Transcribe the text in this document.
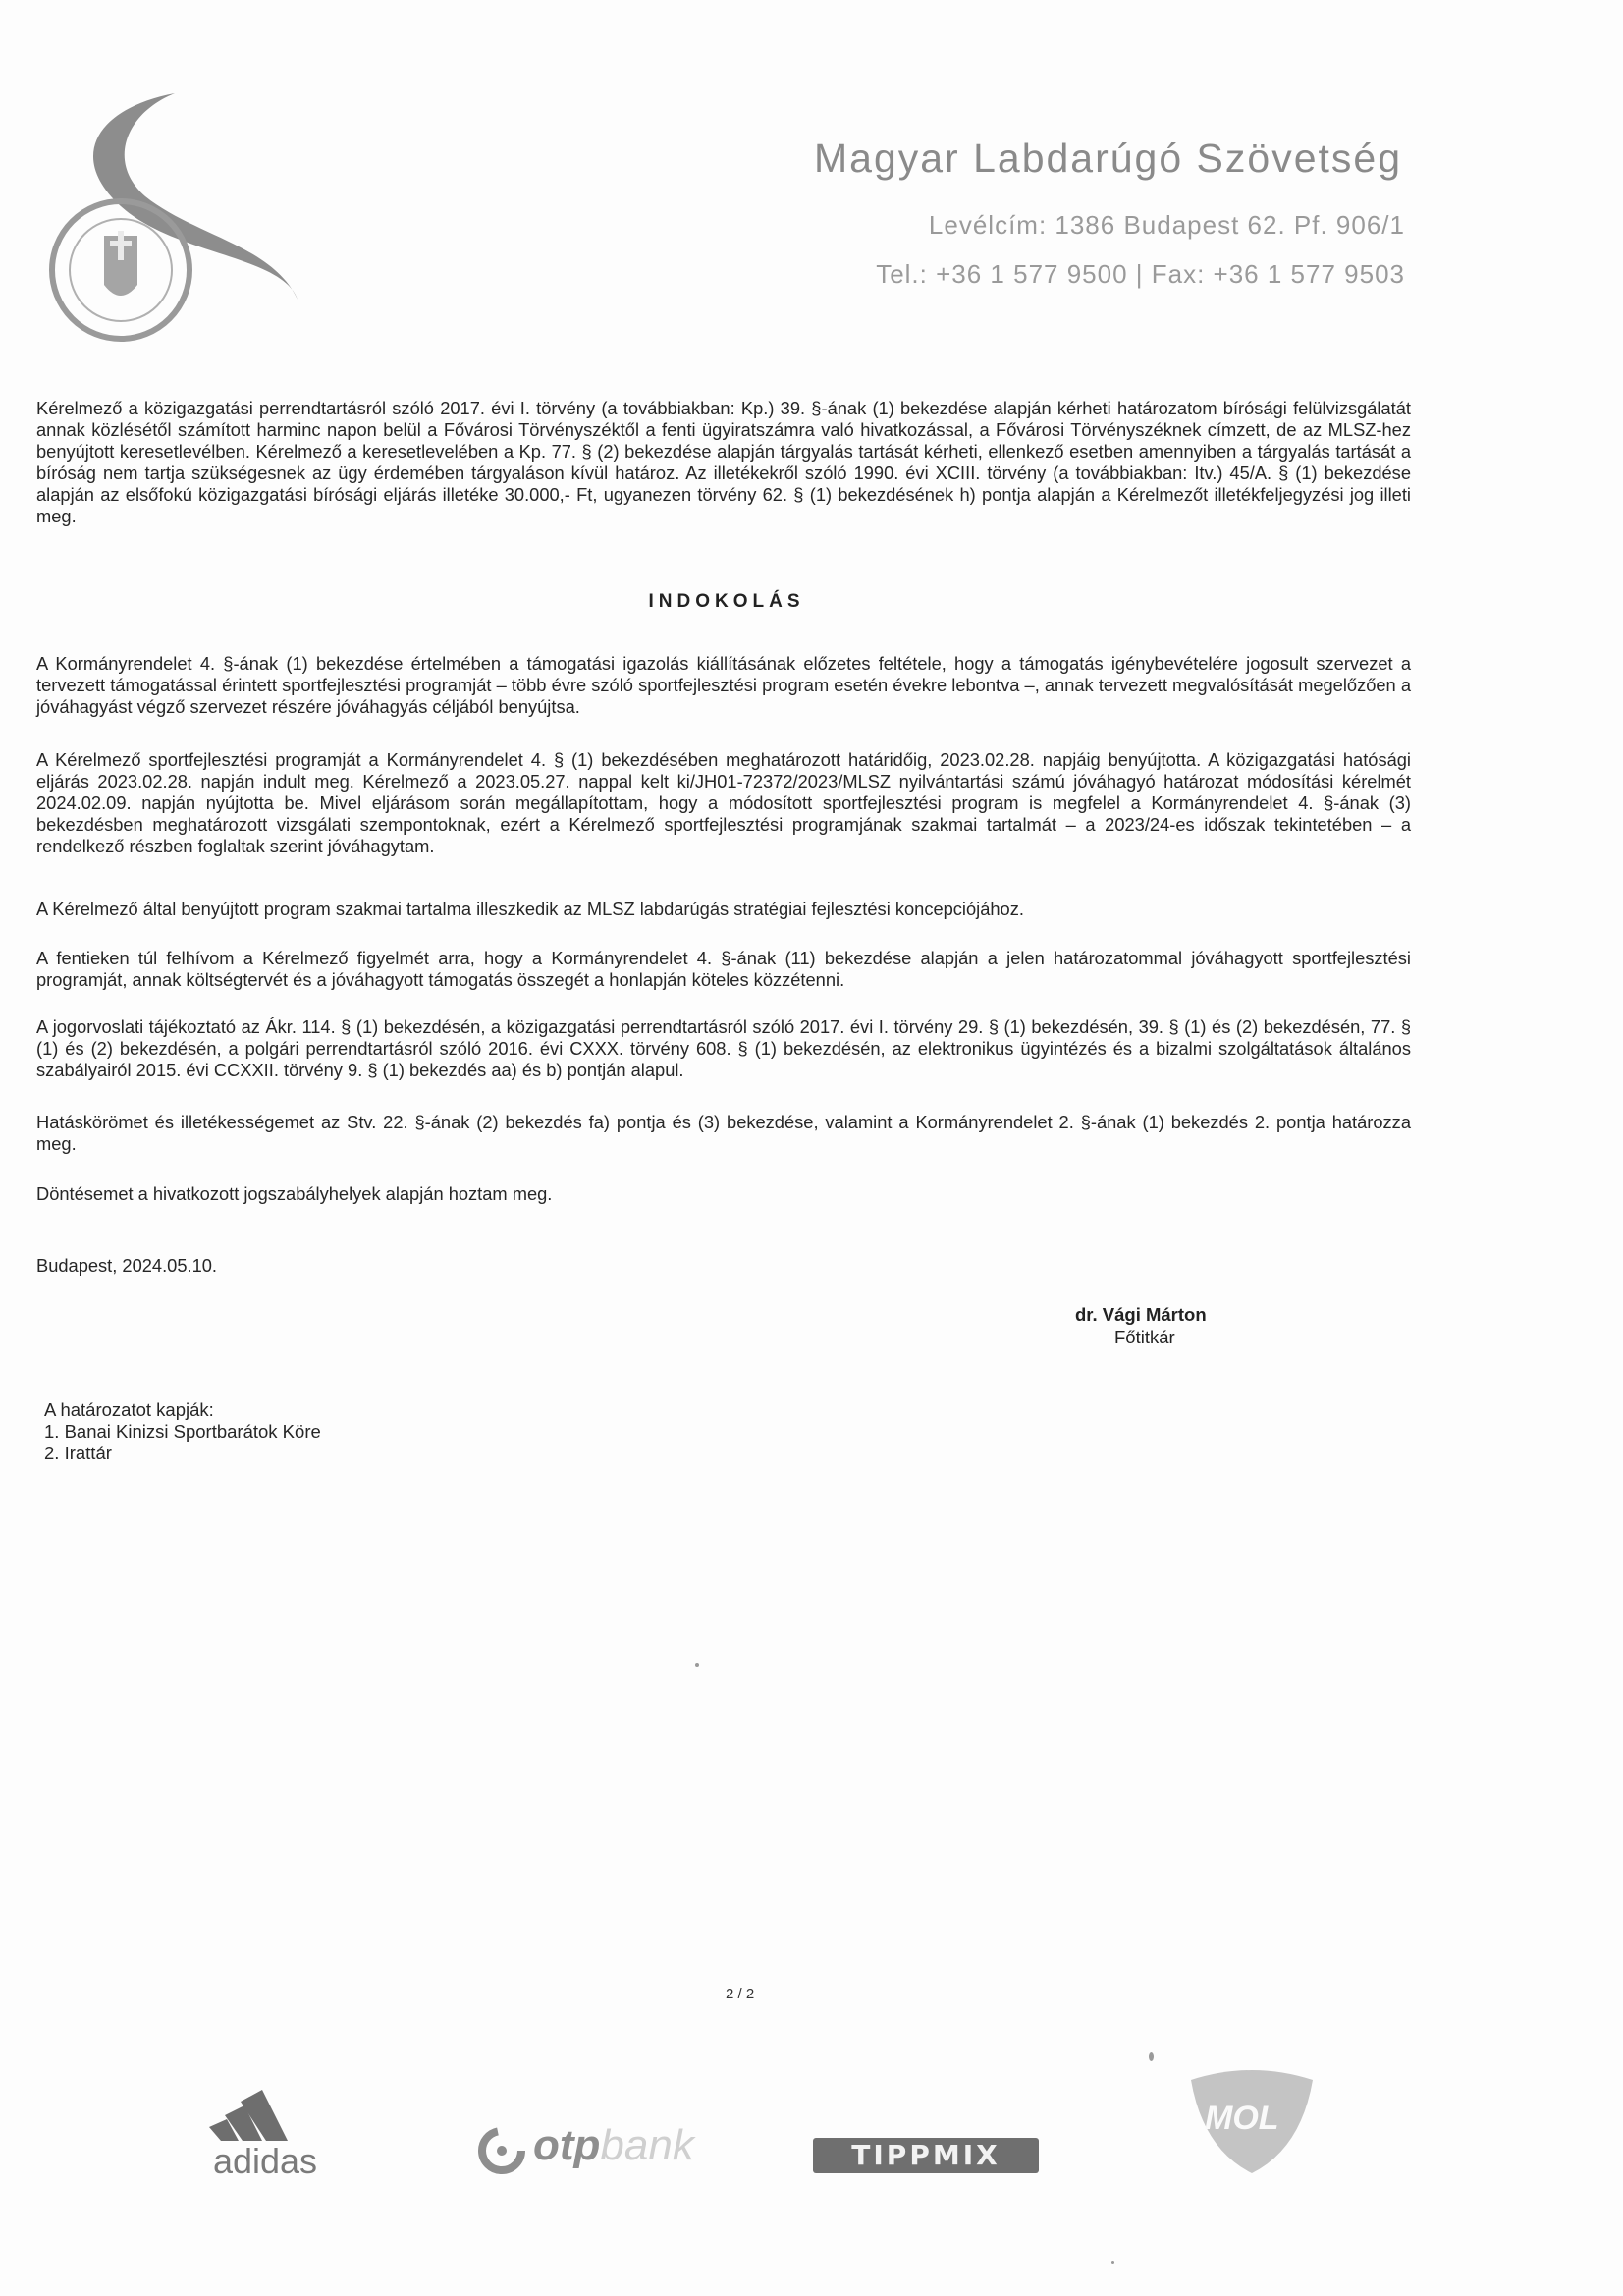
Magyar Labdarúgó Szövetség
Levélcím: 1386 Budapest 62. Pf. 906/1
Tel.: +36 1 577 9500 | Fax: +36 1 577 9503
Kérelmező a közigazgatási perrendtartásról szóló 2017. évi I. törvény (a továbbiakban: Kp.) 39. §-ának (1) bekezdése alapján kérheti határozatom bírósági felülvizsgálatát annak közlésétől számított harminc napon belül a Fővárosi Törvényszéktől a fenti ügyiratszámra való hivatkozással, a Fővárosi Törvényszéknek címzett, de az MLSZ-hez benyújtott keresetlevélben. Kérelmező a keresetlevelében a Kp. 77. § (2) bekezdése alapján tárgyalás tartását kérheti, ellenkező esetben amennyiben a tárgyalás tartását a bíróság nem tartja szükségesnek az ügy érdemében tárgyaláson kívül határoz. Az illetékekről szóló 1990. évi XCIII. törvény (a továbbiakban: Itv.) 45/A. § (1) bekezdése alapján az elsőfokú közigazgatási bírósági eljárás illetéke 30.000,- Ft, ugyanezen törvény 62. § (1) bekezdésének h) pontja alapján a Kérelmezőt illetékfeljegyzési jog illeti meg.
INDOKOLÁS
A Kormányrendelet 4. §-ának (1) bekezdése értelmében a támogatási igazolás kiállításának előzetes feltétele, hogy a támogatás igénybevételére jogosult szervezet a tervezett támogatással érintett sportfejlesztési programját – több évre szóló sportfejlesztési program esetén évekre lebontva –, annak tervezett megvalósítását megelőzően a jóváhagyást végző szervezet részére jóváhagyás céljából benyújtsa.
A Kérelmező sportfejlesztési programját a Kormányrendelet 4. § (1) bekezdésében meghatározott határidőig, 2023.02.28. napjáig benyújtotta. A közigazgatási hatósági eljárás 2023.02.28. napján indult meg. Kérelmező a 2023.05.27. nappal kelt ki/JH01-72372/2023/MLSZ nyilvántartási számú jóváhagyó határozat módosítási kérelmét 2024.02.09. napján nyújtotta be. Mivel eljárásom során megállapítottam, hogy a módosított sportfejlesztési program is megfelel a Kormányrendelet 4. §-ának (3) bekezdésben meghatározott vizsgálati szempontoknak, ezért a Kérelmező sportfejlesztési programjának szakmai tartalmát – a 2023/24-es időszak tekintetében – a rendelkező részben foglaltak szerint jóváhagytam.
A Kérelmező által benyújtott program szakmai tartalma illeszkedik az MLSZ labdarúgás stratégiai fejlesztési koncepciójához.
A fentieken túl felhívom a Kérelmező figyelmét arra, hogy a Kormányrendelet 4. §-ának (11) bekezdése alapján a jelen határozatommal jóváhagyott sportfejlesztési programját, annak költségtervét és a jóváhagyott támogatás összegét a honlapján köteles közzétenni.
A jogorvoslati tájékoztató az Ákr. 114. § (1) bekezdésén, a közigazgatási perrendtartásról szóló 2017. évi I. törvény 29. § (1) bekezdésén, 39. § (1) és (2) bekezdésén, 77. § (1) és (2) bekezdésén, a polgári perrendtartásról szóló 2016. évi CXXX. törvény 608. § (1) bekezdésén, az elektronikus ügyintézés és a bizalmi szolgáltatások általános szabályairól 2015. évi CCXXII. törvény 9. § (1) bekezdés aa) és b) pontján alapul.
Hatáskörömet és illetékességemet az Stv. 22. §-ának (2) bekezdés fa) pontja és (3) bekezdése, valamint a Kormányrendelet 2. §-ának (1) bekezdés 2. pontja határozza meg.
Döntésemet a hivatkozott jogszabályhelyek alapján hoztam meg.
Budapest, 2024.05.10.
dr. Vági Márton
Főtitkár
A határozatot kapják:
1. Banai Kinizsi Sportbarátok Köre
2. Irattár
2 / 2
adidas	otpbank	TIPPMIX
MOL
